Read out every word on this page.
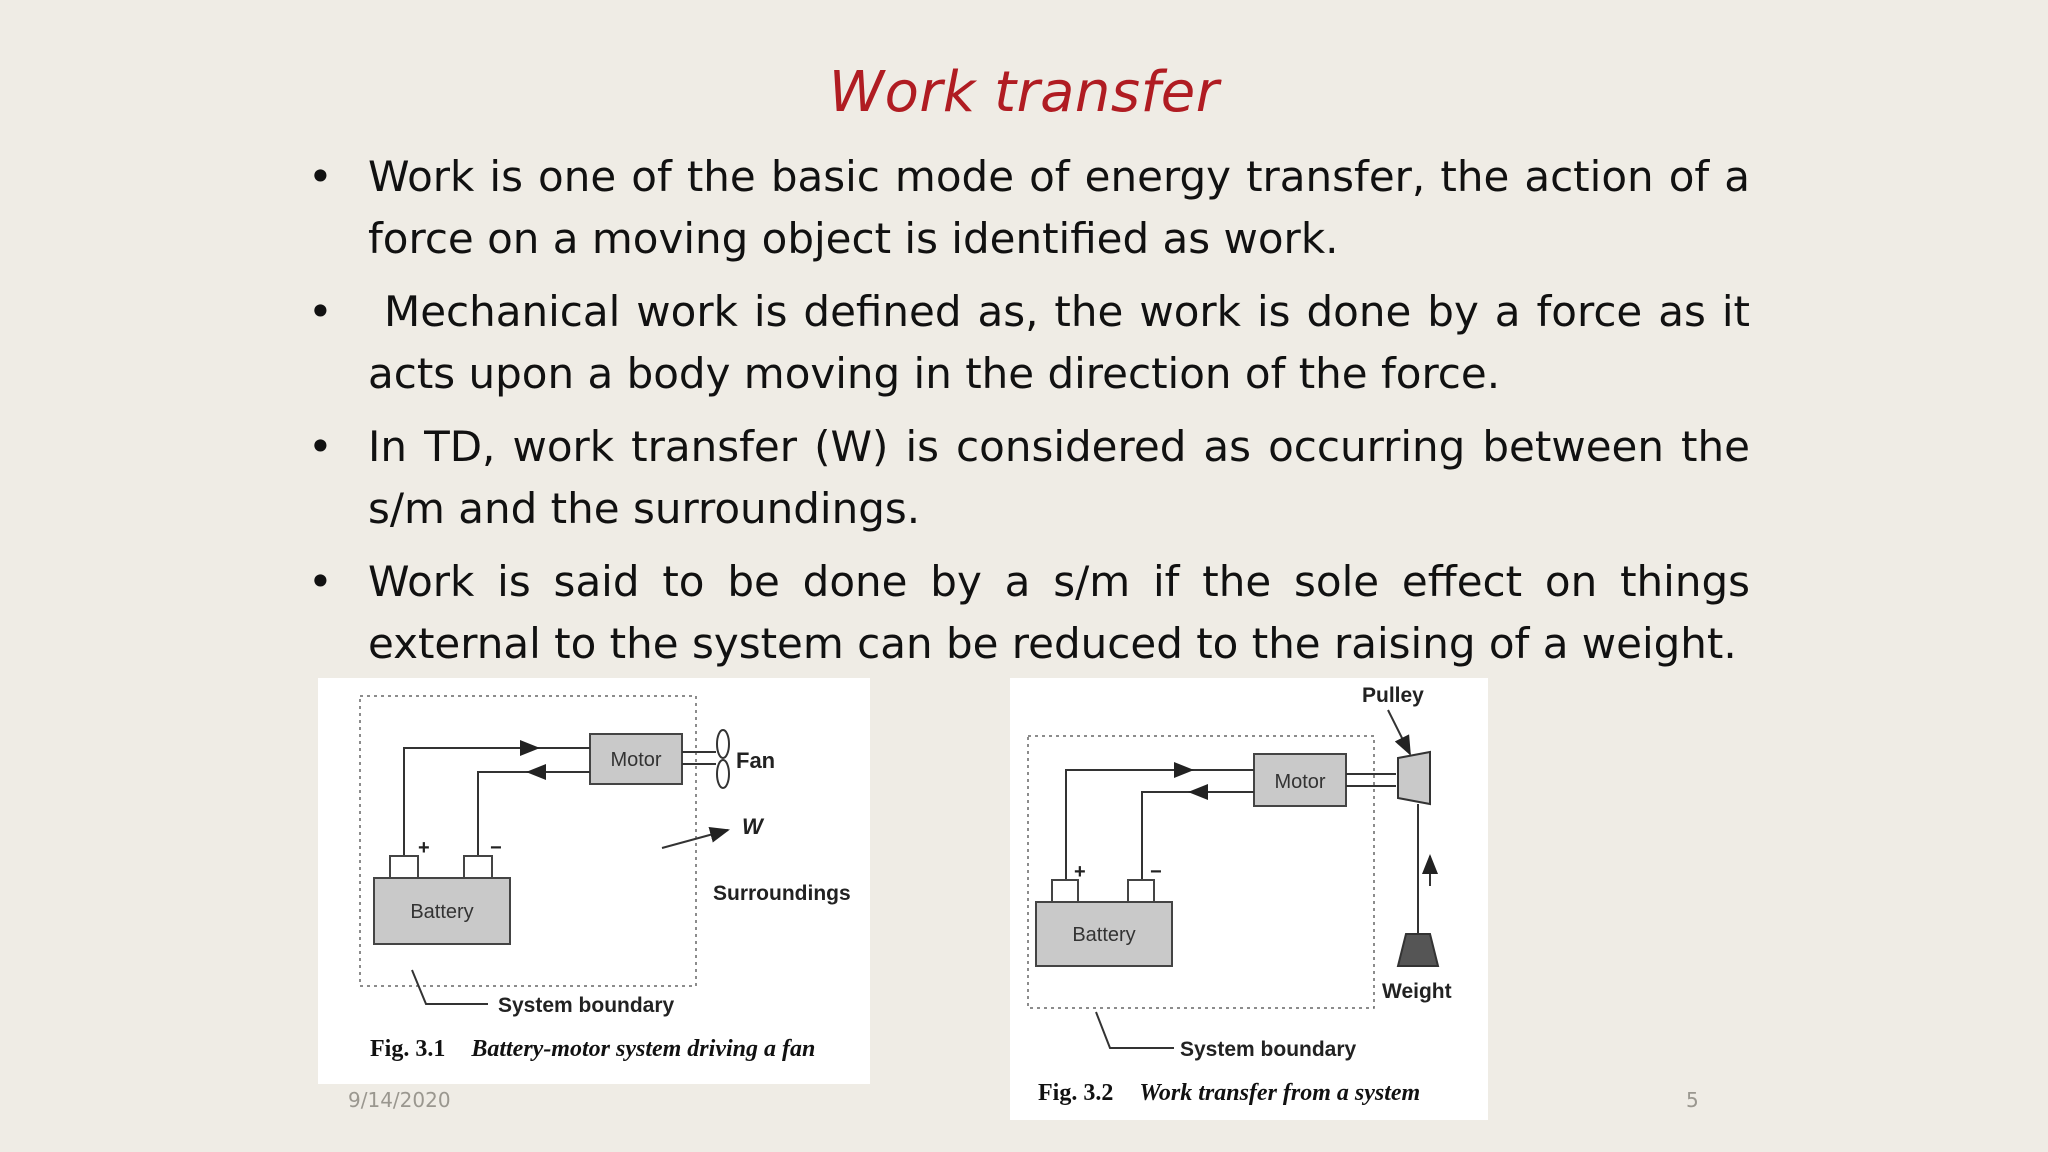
Work transfer
• Work is one of the basic mode of energy transfer, the action of a force on a moving object is identified as work.
• Mechanical work is defined as, the work is done by a force as it acts upon a body moving in the direction of the force.
• In TD, work transfer (W) is considered as occurring between the s/m and the surroundings.
• Work is said to be done by a s/m if the sole effect on things external to the system can be reduced to the raising of a weight.
Motor	Fan
Battery
+	−
W
Surroundings
System boundary
Fig. 3.1 Battery-motor system driving a fan
Pulley
Motor
Weight
Battery
+	−
System boundary
Fig. 3.2 Work transfer from a system
9/14/2020	5
